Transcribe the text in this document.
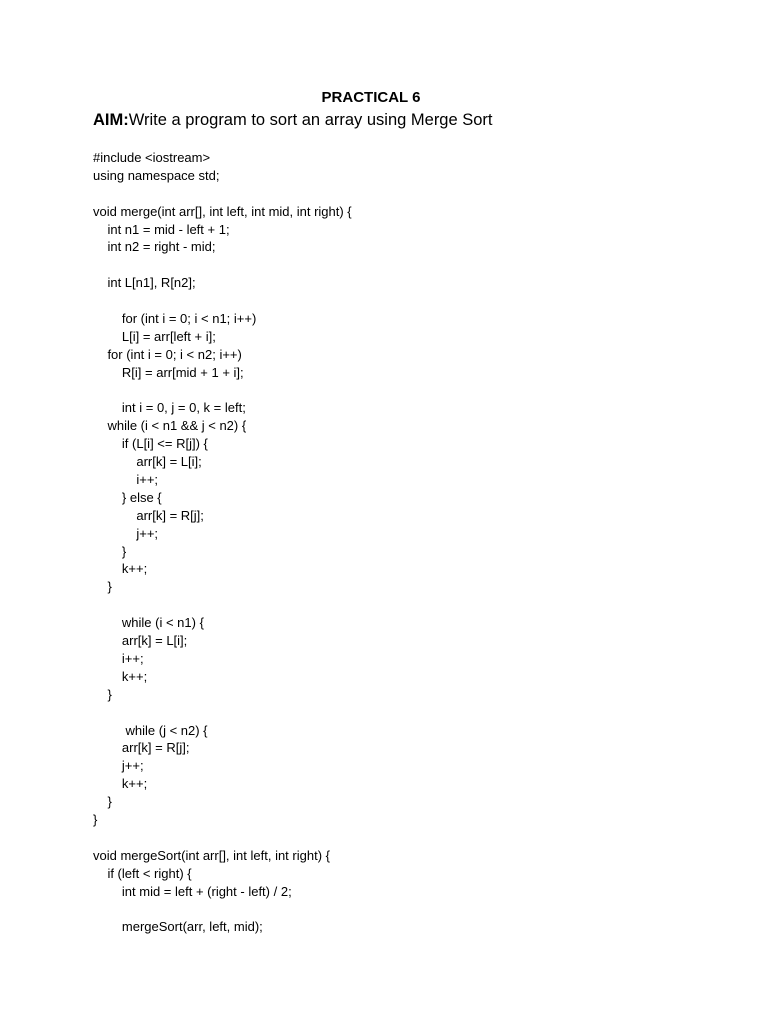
PRACTICAL 6
AIM:Write a program to sort an array using Merge Sort
#include <iostream>
using namespace std;
void merge(int arr[], int left, int mid, int right) {
int n1 = mid - left + 1;
int n2 = right - mid;
int L[n1], R[n2];
for (int i = 0; i < n1; i++)
L[i] = arr[left + i];
for (int i = 0; i < n2; i++)
R[i] = arr[mid + 1 + i];
int i = 0, j = 0, k = left;
while (i < n1 && j < n2) {
if (L[i] <= R[j]) {
arr[k] = L[i];
i++;
} else {
arr[k] = R[j];
j++;
}
k++;
}
while (i < n1) {
arr[k] = L[i];
i++;
k++;
}
while (j < n2) {
arr[k] = R[j];
j++;
k++;
}
}
void mergeSort(int arr[], int left, int right) {
if (left < right) {
int mid = left + (right - left) / 2;
mergeSort(arr, left, mid);
